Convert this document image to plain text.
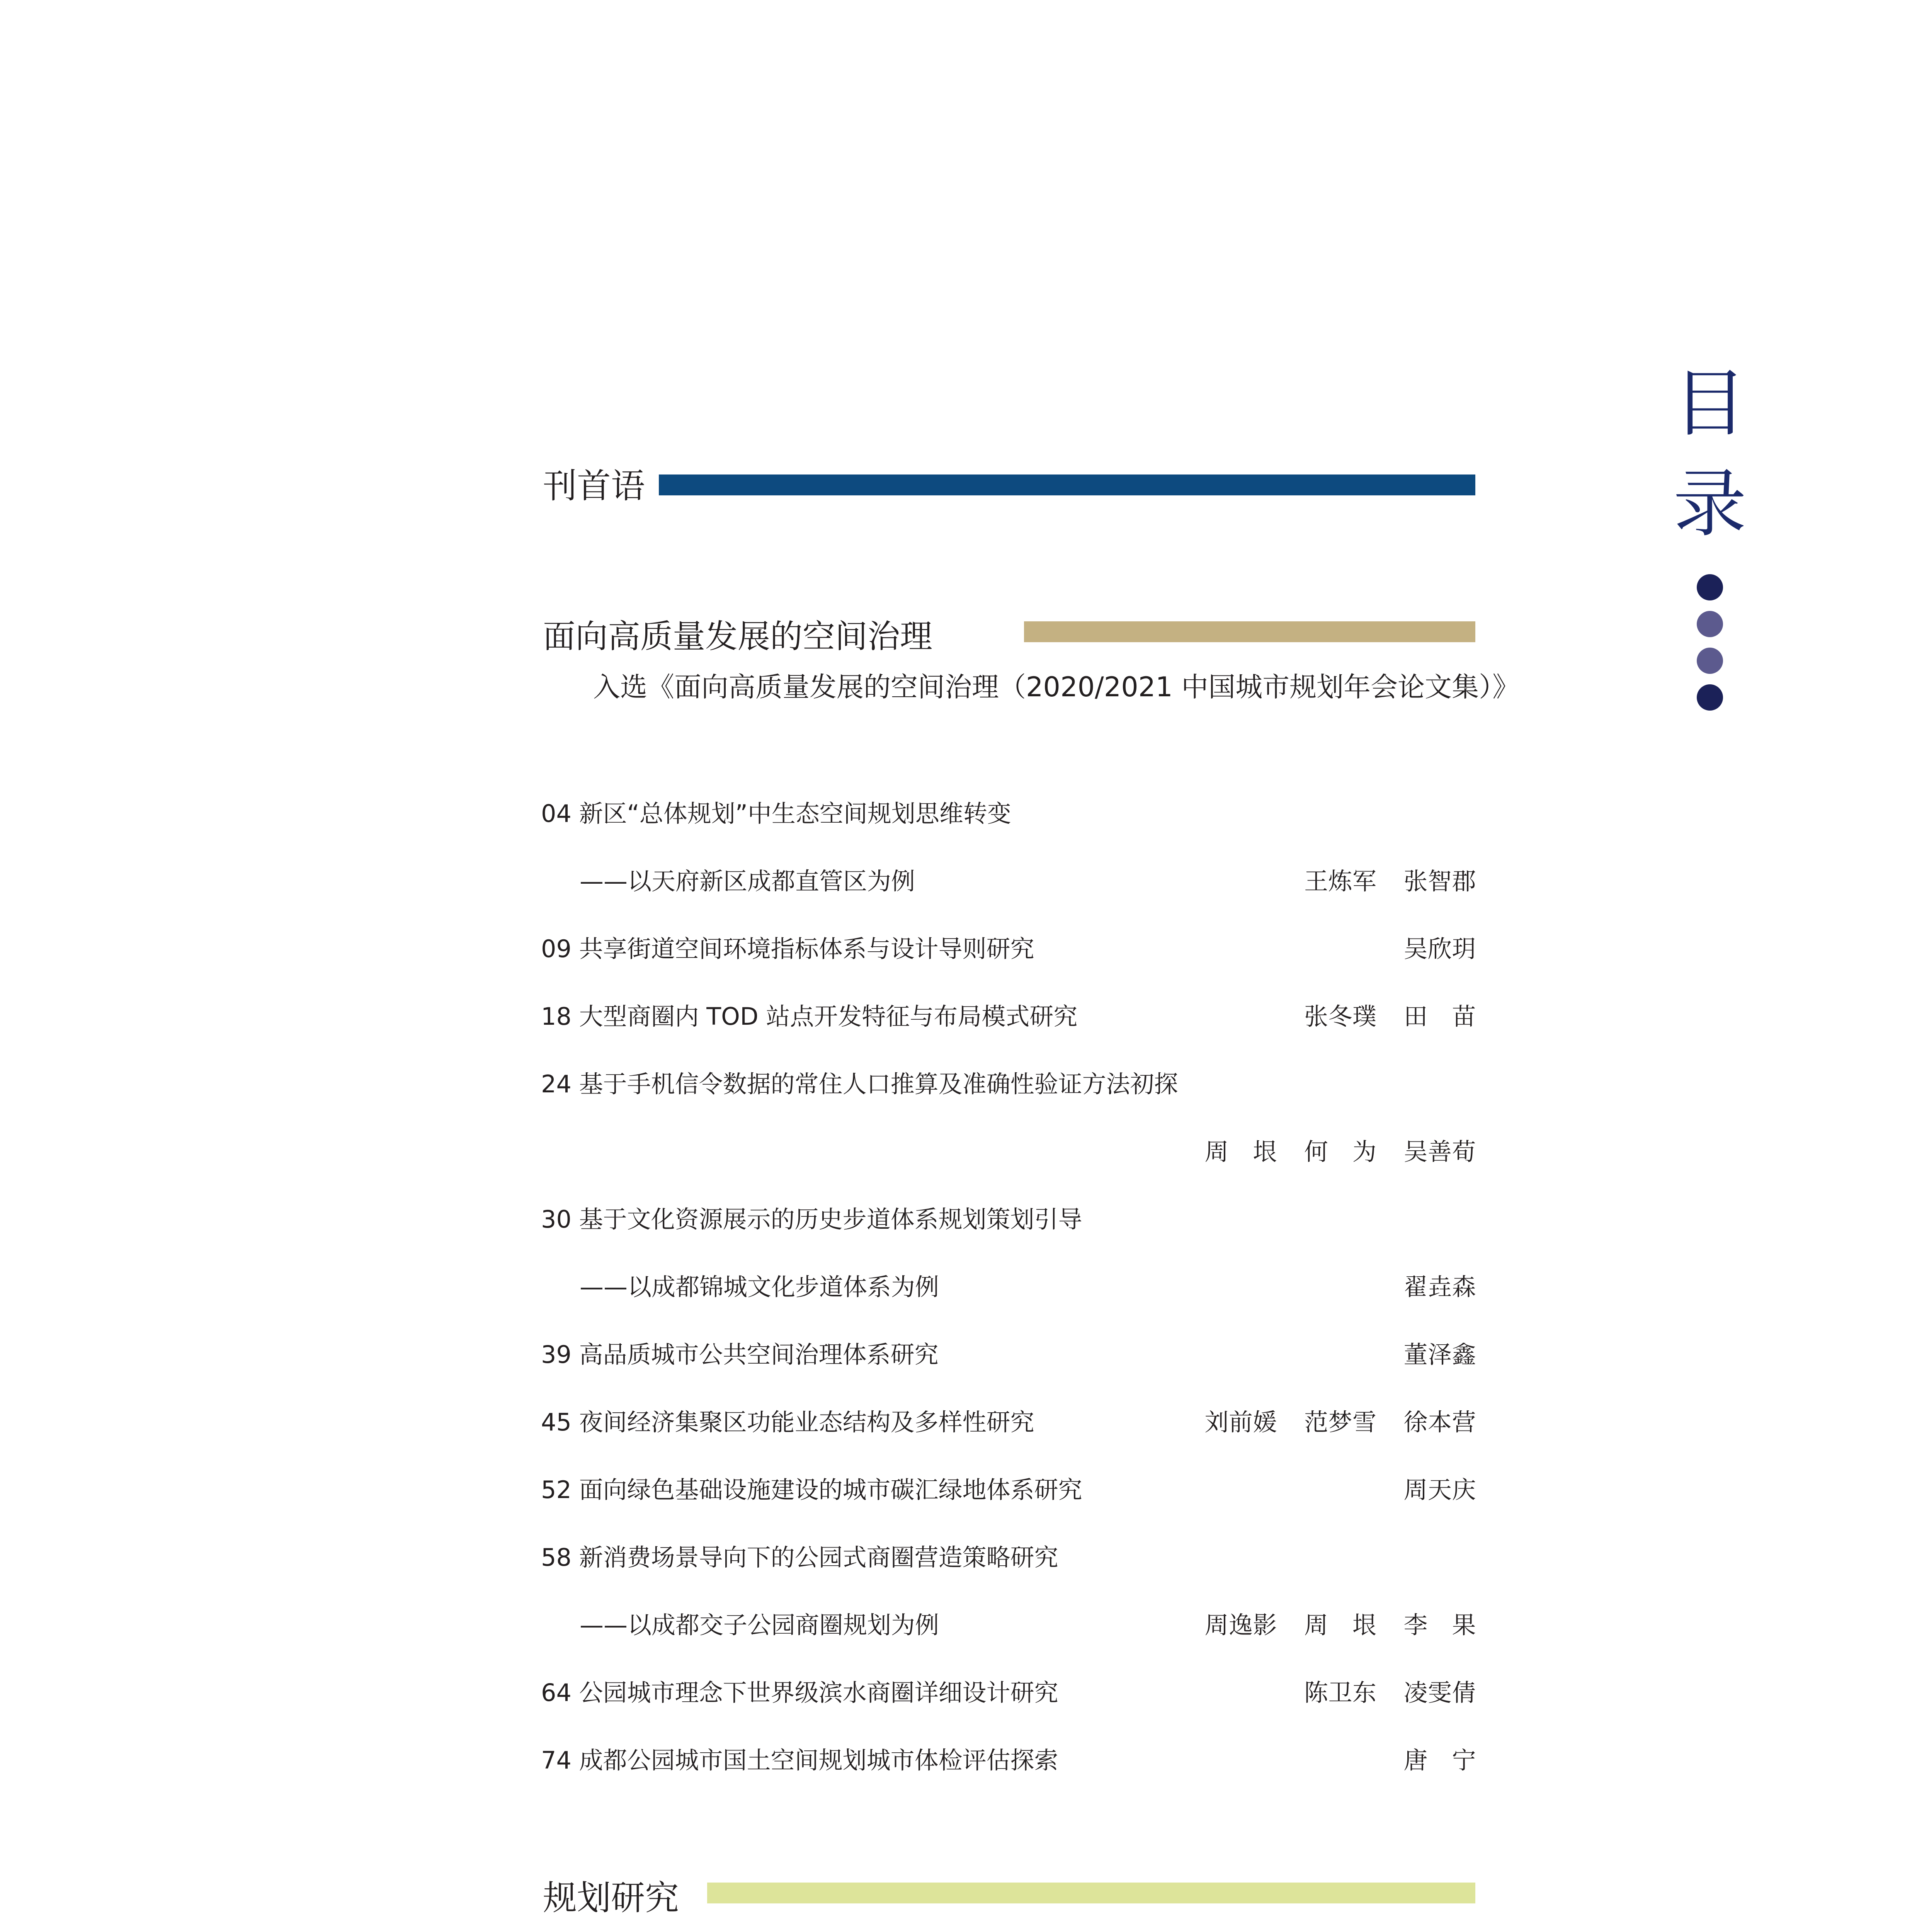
目
录
刊首语
面向高质量发展的空间治理
入选《面向高质量发展的空间治理（2020/2021 中国城市规划年会论文集）》
04 新区“总体规划”中生态空间规划思维转变
——以天府新区成都直管区为例	王炼军 张智郡
09 共享街道空间环境指标体系与设计导则研究	吴欣玥
18 大型商圈内 TOD 站点开发特征与布局模式研究	张冬璞 田　苗
24 基于手机信令数据的常住人口推算及准确性验证方法初探
周　垠 何　为 吴善荀
30 基于文化资源展示的历史步道体系规划策划引导
——以成都锦城文化步道体系为例	翟垚森
39 高品质城市公共空间治理体系研究	董泽鑫
45 夜间经济集聚区功能业态结构及多样性研究	刘前媛 范梦雪 徐本营
52 面向绿色基础设施建设的城市碳汇绿地体系研究	周天庆
58 新消费场景导向下的公园式商圈营造策略研究
——以成都交子公园商圈规划为例	周逸影 周　垠 李　果
64 公园城市理念下世界级滨水商圈详细设计研究	陈卫东 凌雯倩
74 成都公园城市国土空间规划城市体检评估探索	唐　宁
规划研究
